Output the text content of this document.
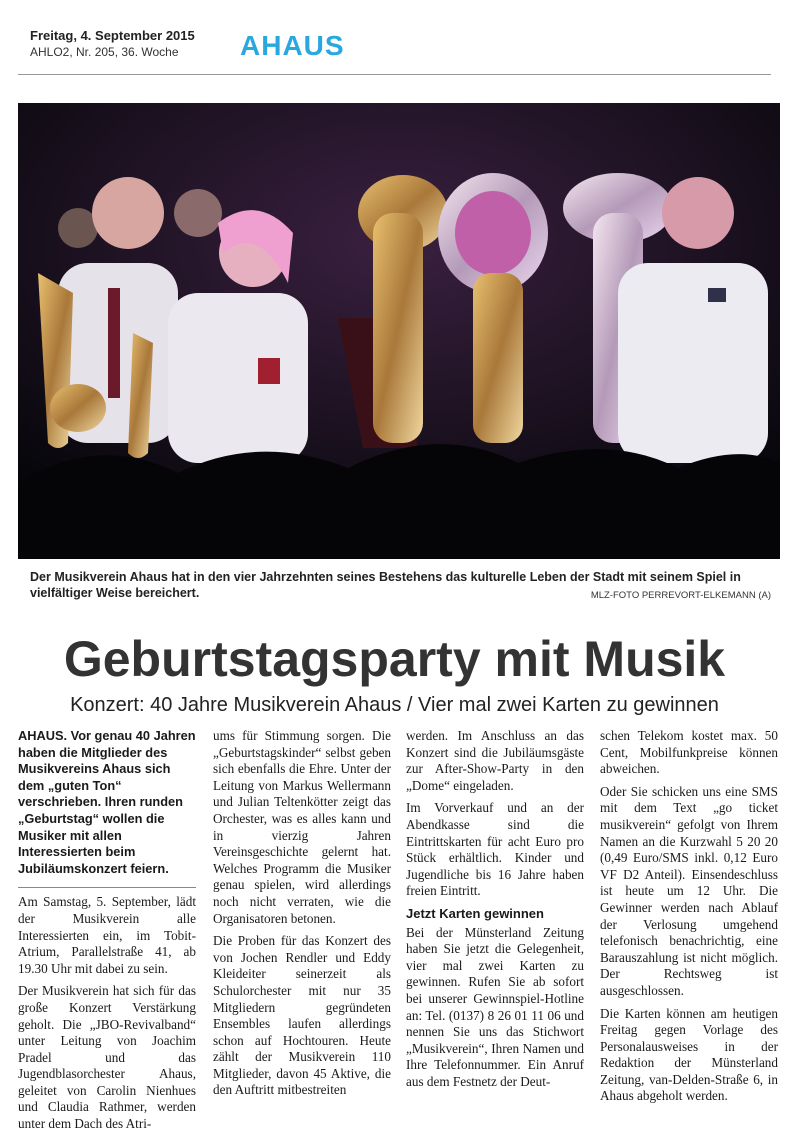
Freitag, 4. September 2015
AHLO2, Nr. 205, 36. Woche AHAUS
Der Musikverein Ahaus hat in den vier Jahrzehnten seines Bestehens das kulturelle Leben der Stadt mit seinem Spiel in vielfältiger Weise bereichert.	MLZ-FOTO PERREVORT-ELKEMANN (A)
Geburtstagsparty mit Musik
Konzert: 40 Jahre Musikverein Ahaus / Vier mal zwei Karten zu gewinnen

AHAUS. Vor genau 40 Jahren haben die Mitglieder des Musikvereins Ahaus sich dem „guten Ton“ verschrieben. Ihren runden „Geburtstag“ wollen die Musiker mit allen Interessierten beim Jubiläumskonzert feiern.

Am Samstag, 5. September, lädt der Musikverein alle Interessierten ein, im Tobit-Atrium, Parallelstraße 41, ab 19.30 Uhr mit dabei zu sein.

Der Musikverein hat sich für das große Konzert Verstärkung geholt. Die „JBO-Revivalband“ unter Leitung von Joachim Pradel und das Jugendblasorchester Ahaus, geleitet von Carolin Nienhues und Claudia Rathmer, werden unter dem Dach des Atri-

ums für Stimmung sorgen. Die „Geburtstagskinder“ selbst geben sich ebenfalls die Ehre. Unter der Leitung von Markus Wellermann und Julian Teltenkötter zeigt das Orchester, was es alles kann und in vierzig Jahren Vereinsgeschichte gelernt hat. Welches Programm die Musiker genau spielen, wird allerdings noch nicht verraten, wie die Organisatoren betonen.

Die Proben für das Konzert des von Jochen Rendler und Eddy Kleideiter seinerzeit als Schulorchester mit nur 35 Mitgliedern gegründeten Ensembles laufen allerdings schon auf Hochtouren. Heute zählt der Musikverein 110 Mitglieder, davon 45 Aktive, die den Auftritt mitbestreiten

werden. Im Anschluss an das Konzert sind die Jubiläumsgäste zur After-Show-Party in den „Dome“ eingeladen.

Im Vorverkauf und an der Abendkasse sind die Eintrittskarten für acht Euro pro Stück erhältlich. Kinder und Jugendliche bis 16 Jahre haben freien Eintritt.

Jetzt Karten gewinnen

Bei der Münsterland Zeitung haben Sie jetzt die Gelegenheit, vier mal zwei Karten zu gewinnen. Rufen Sie ab sofort bei unserer Gewinnspiel-Hotline an: Tel. (0137) 8 26 01 11 06 und nennen Sie uns das Stichwort „Musikverein“, Ihren Namen und Ihre Telefonnummer. Ein Anruf aus dem Festnetz der Deut-

schen Telekom kostet max. 50 Cent, Mobilfunkpreise können abweichen.

Oder Sie schicken uns eine SMS mit dem Text „go ticket musikverein“ gefolgt von Ihrem Namen an die Kurzwahl 5 20 20 (0,49 Euro/SMS inkl. 0,12 Euro VF D2 Anteil). Einsendeschluss ist heute um 12 Uhr. Die Gewinner werden nach Ablauf der Verlosung umgehend telefonisch benachrichtig, eine Barauszahlung ist nicht möglich. Der Rechtsweg ist ausgeschlossen.

Die Karten können am heutigen Freitag gegen Vorlage des Personalausweises in der Redaktion der Münsterland Zeitung, van-Delden-Straße 6, in Ahaus abgeholt werden.
